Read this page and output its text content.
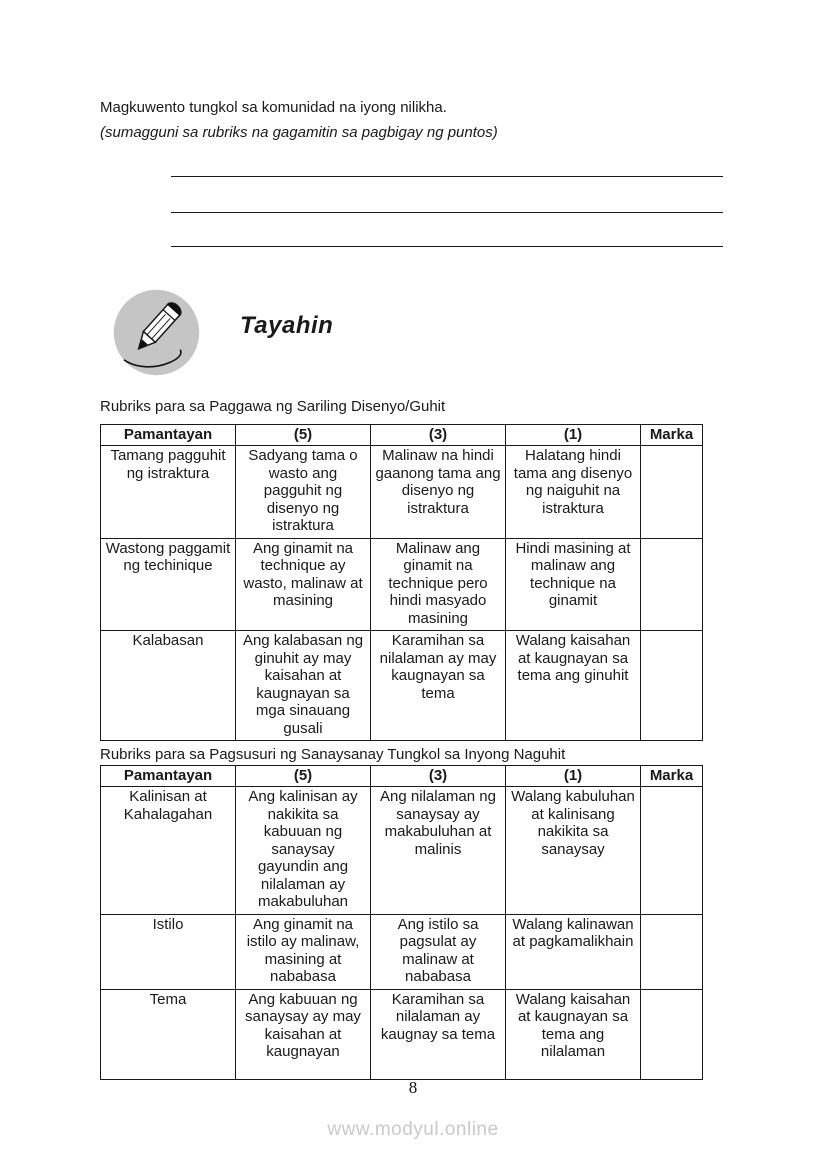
Magkuwento tungkol sa komunidad na iyong nilikha.
(sumagguni sa rubriks na gagamitin sa pagbigay ng puntos)
Tayahin
Rubriks para sa Paggawa ng Sariling Disenyo/Guhit
Pamantayan	(5)	(3)	(1)	Marka
Tamang pagguhit ng istraktura	Sadyang tama o wasto ang pagguhit ng disenyo ng istraktura	Malinaw na hindi gaanong tama ang disenyo ng istraktura	Halatang hindi tama ang disenyo ng naiguhit na istraktura	
Wastong paggamit ng techinique	Ang ginamit na technique ay wasto, malinaw at masining	Malinaw ang ginamit na technique pero hindi masyado masining	Hindi masining at malinaw ang technique na ginamit	
Kalabasan	Ang kalabasan ng ginuhit ay may kaisahan at kaugnayan sa mga sinauang gusali	Karamihan sa nilalaman ay may kaugnayan sa tema	Walang kaisahan at kaugnayan sa tema ang ginuhit	
Rubriks para sa Pagsusuri ng Sanaysanay Tungkol sa Inyong Naguhit
Pamantayan	(5)	(3)	(1)	Marka
Kalinisan at Kahalagahan	Ang kalinisan ay nakikita sa kabuuan ng sanaysay gayundin ang nilalaman ay makabuluhan	Ang nilalaman ng sanaysay ay makabuluhan at malinis	Walang kabuluhan at kalinisang nakikita sa sanaysay	
Istilo	Ang ginamit na istilo ay malinaw, masining at nababasa	Ang istilo sa pagsulat ay malinaw at nababasa	Walang kalinawan at pagkamalikhain	
Tema	Ang kabuuan ng sanaysay ay may kaisahan at kaugnayan	Karamihan sa nilalaman ay kaugnay sa tema	Walang kaisahan at kaugnayan sa tema ang nilalaman	
8
www.modyul.online
